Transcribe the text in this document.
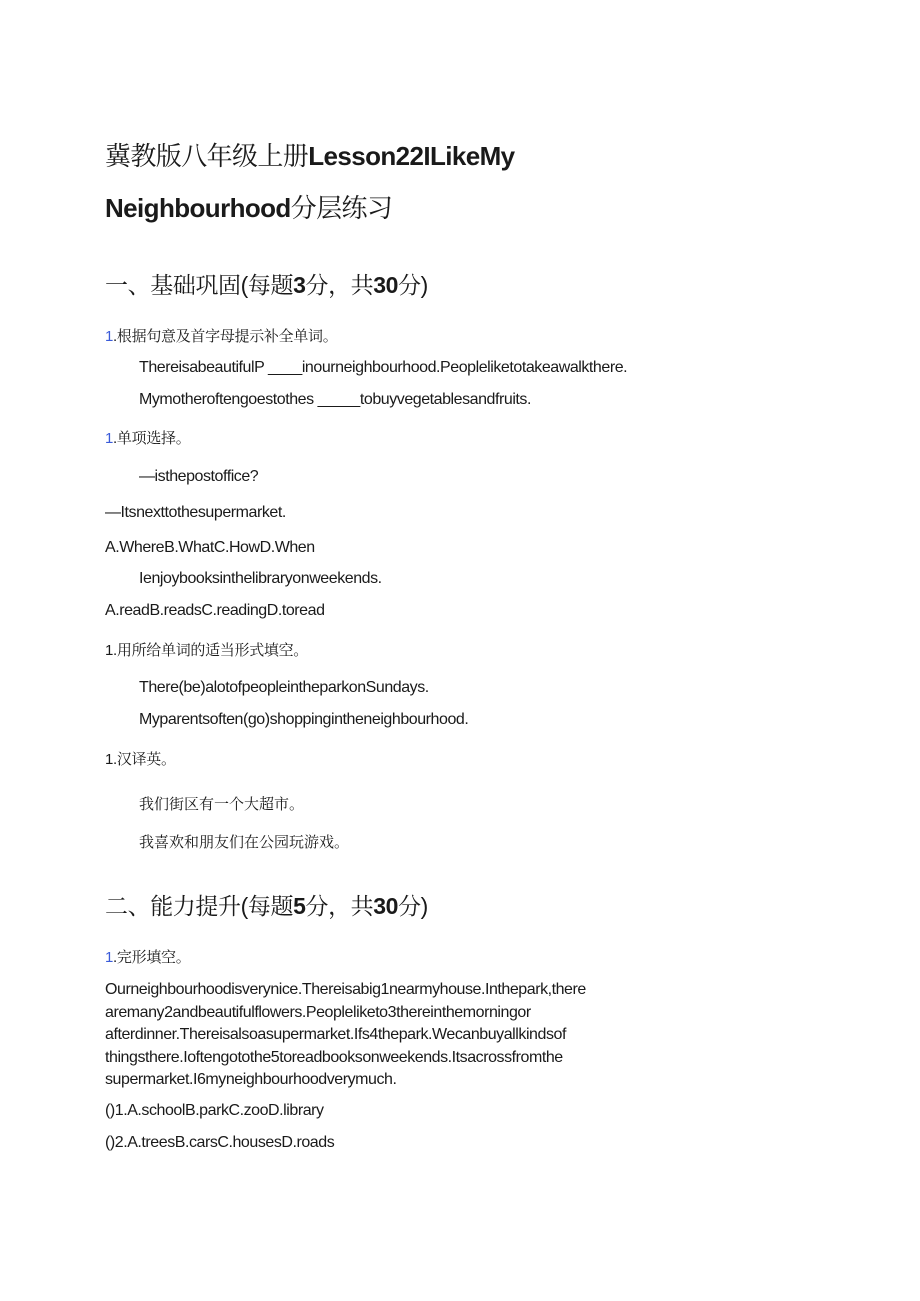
冀教版八年级上册Lesson22ILikeMy
Neighbourhood分层练习
一、基础巩固(每题3分，共30分)
1.根据句意及首字母提示补全单词。
ThereisabeautifulP ____inourneighbourhood.Peopleliketotakeawalkthere.
Mymotheroftengoestothes _____tobuyvegetablesandfruits.
1.单项选择。
—isthepostoffice?
—Itsnexttothesupermarket.
A.WhereB.WhatC.HowD.When
Ienjoybooksinthelibraryonweekends.
A.readB.readsC.readingD.toread
1.用所给单词的适当形式填空。
There(be)alotofpeopleintheparkonSundays.
Myparentsoften(go)shoppingintheneighbourhood.
1.汉译英。
我们街区有一个大超市。
我喜欢和朋友们在公园玩游戏。
二、能力提升(每题5分，共30分)
1.完形填空。
Ourneighbourhoodisverynice.Thereisabig1nearmyhouse.Inthepark,there aremany2andbeautifulflowers.Peopleliketo3thereinthemorningor afterdinner.Thereisalsoasupermarket.Ifs4thepark.Wecanbuyallkindsof thingsthere.Ioftengotothe5toreadbooksonweekends.Itsacrossfromthe supermarket.I6myneighbourhoodverymuch.
()1.A.schoolB.parkC.zooD.library
()2.A.treesB.carsC.housesD.roads
